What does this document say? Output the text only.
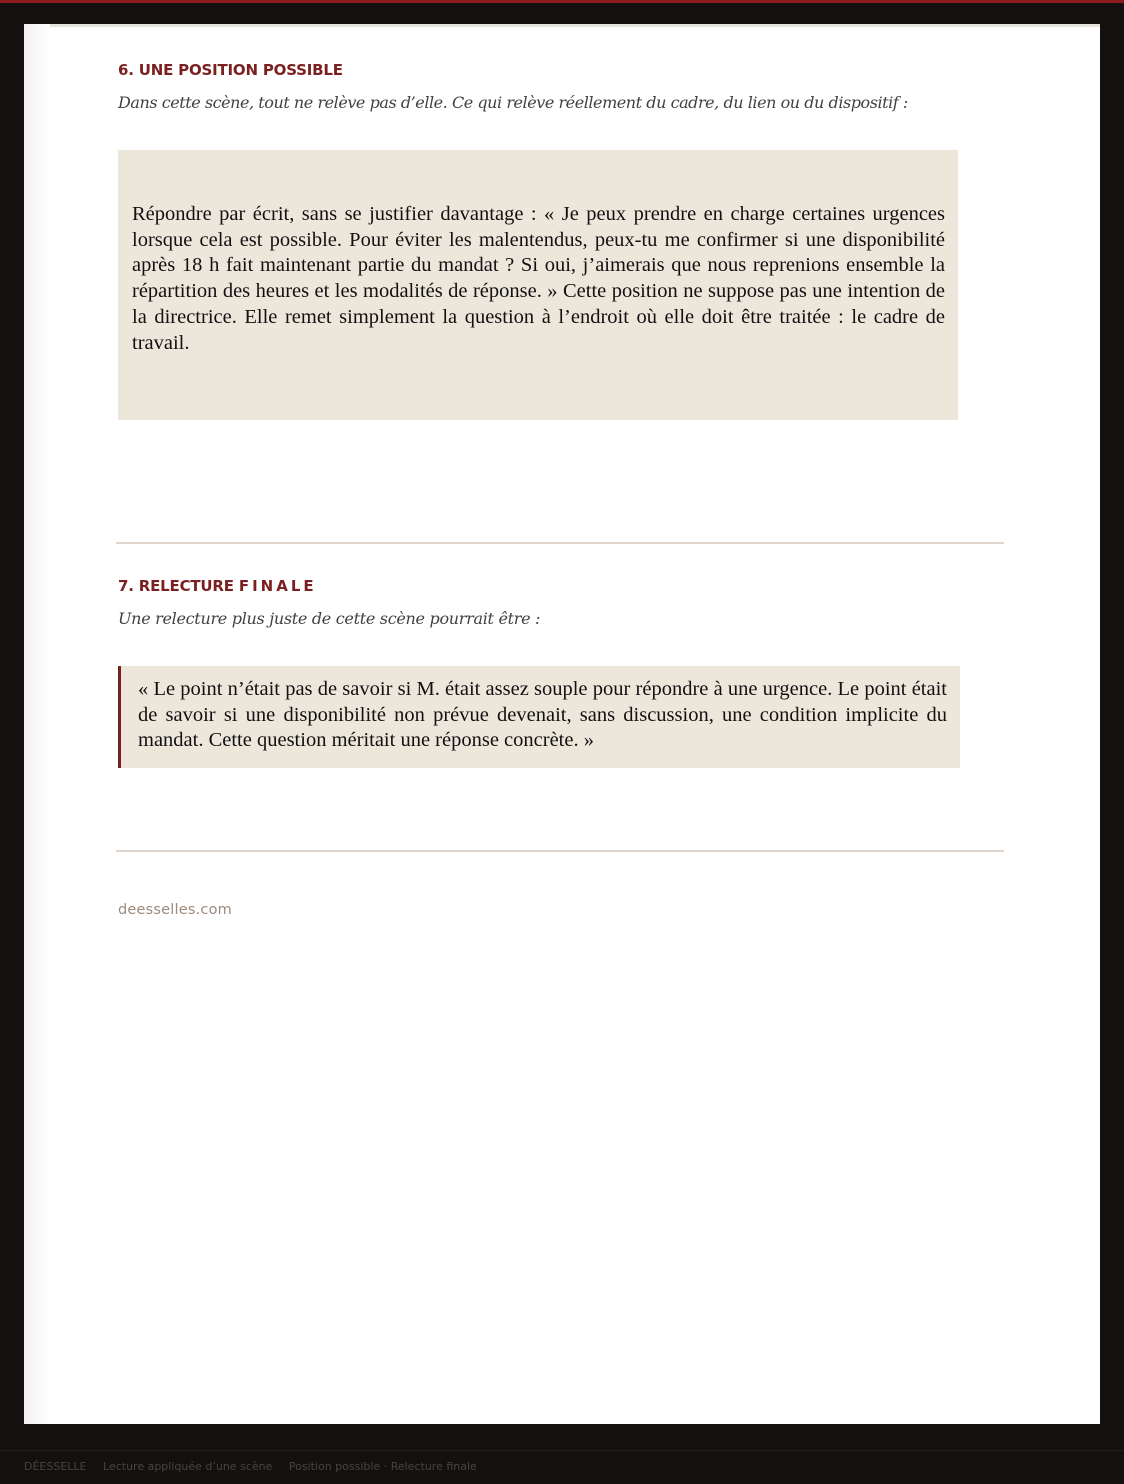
6. UNE POSITION POSSIBLE

Dans cette scène, tout ne relève pas d’elle. Ce qui relève réellement du cadre, du lien ou du dispositif :

Répondre par écrit, sans se justifier davantage : « Je peux prendre en charge certaines urgences lorsque cela est possible. Pour éviter les malentendus, peux-tu me confirmer si une disponibilité après 18 h fait maintenant partie du mandat ? Si oui, j’aimerais que nous reprenions ensemble la répartition des heures et les modalités de réponse. » Cette position ne suppose pas une intention de la directrice. Elle remet simplement la question à l’endroit où elle doit être traitée : le cadre de travail.

7. RELECTURE FINALE

Une relecture plus juste de cette scène pourrait être :

« Le point n’était pas de savoir si M. était assez souple pour répondre à une urgence. Le point était de savoir si une disponibilité non prévue devenait, sans discussion, une condition implicite du mandat. Cette question méritait une réponse concrète. »

deesselles.com

DÉESSELLE Lecture appliquée d’une scène Position possible · Relecture finale
